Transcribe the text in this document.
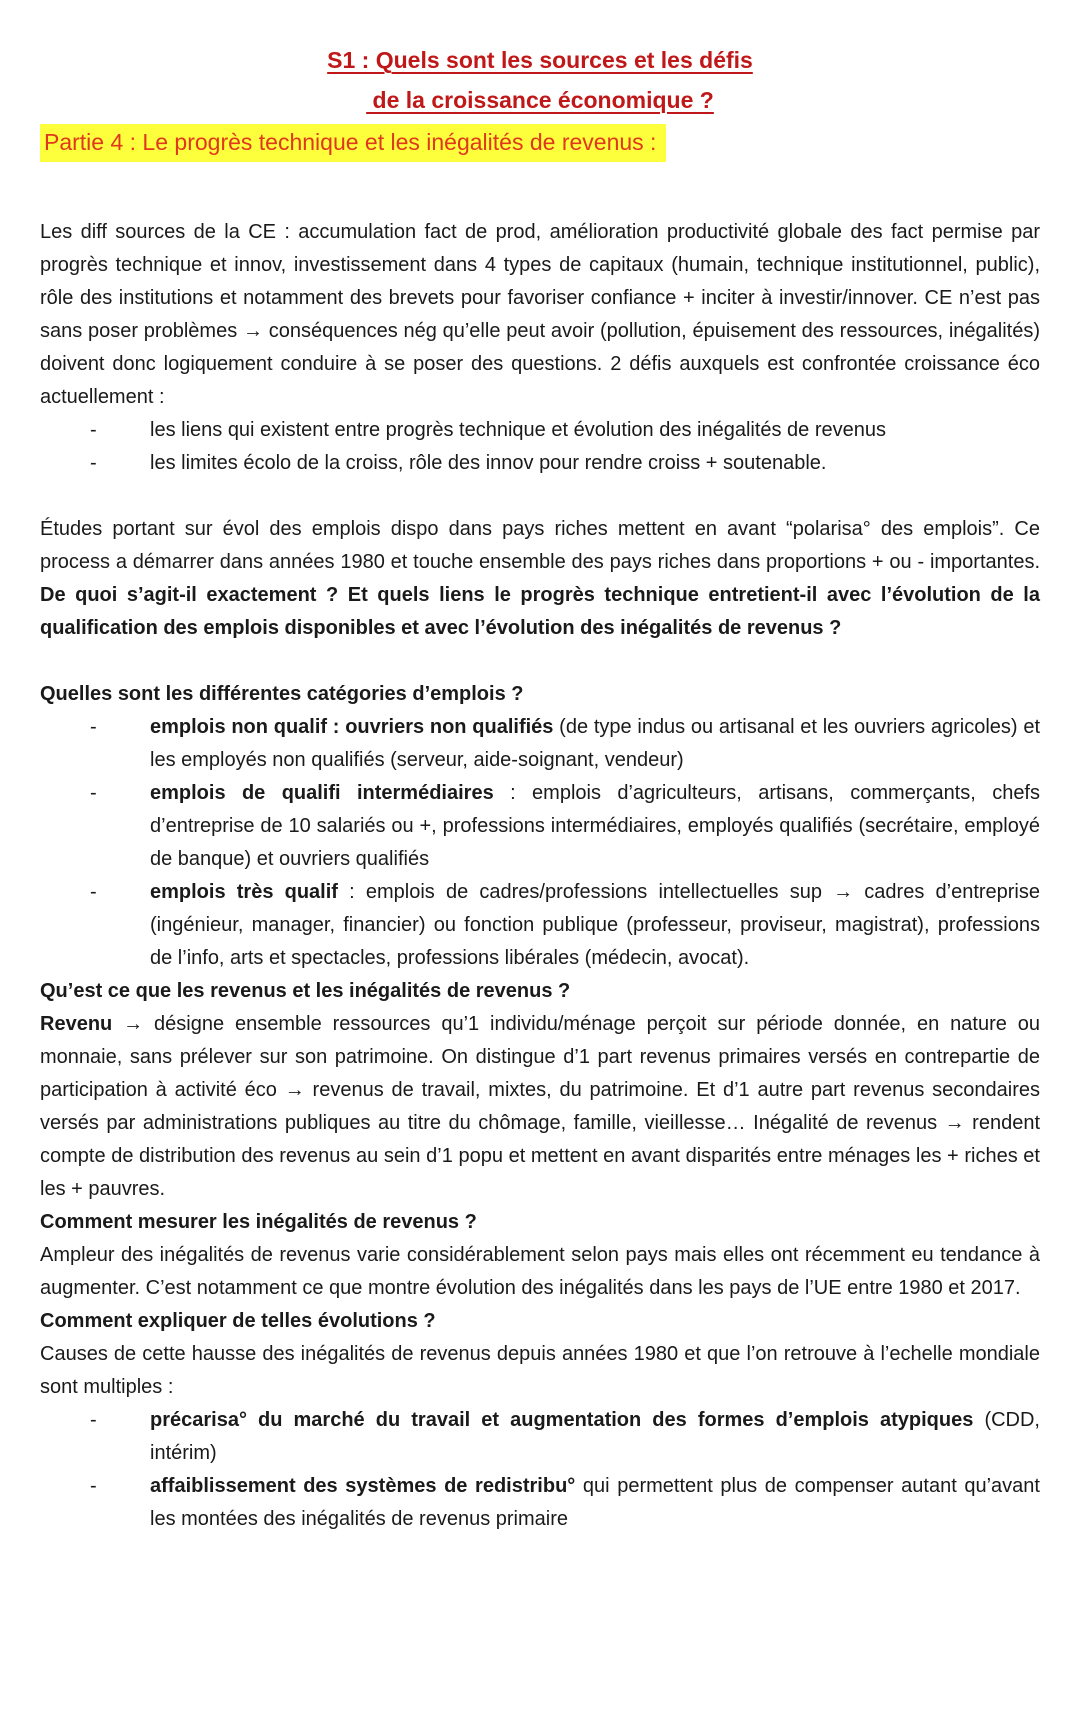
S1 : Quels sont les sources et les défis
de la croissance économique ?

Partie 4 : Le progrès technique et les inégalités de revenus :

Les diff sources de la CE : accumulation fact de prod, amélioration productivité globale des fact permise par progrès technique et innov, investissement dans 4 types de capitaux (humain, technique institutionnel, public), rôle des institutions et notamment des brevets pour favoriser confiance + inciter à investir/innover. CE n’est pas sans poser problèmes → conséquences nég qu’elle peut avoir (pollution, épuisement des ressources, inégalités) doivent donc logiquement conduire à se poser des questions. 2 défis auxquels est confrontée croissance éco actuellement :

-	les liens qui existent entre progrès technique et évolution des inégalités de revenus
-	les limites écolo de la croiss, rôle des innov pour rendre croiss + soutenable.

Études portant sur évol des emplois dispo dans pays riches mettent en avant “polarisa° des emplois”. Ce process a démarrer dans années 1980 et touche ensemble des pays riches dans proportions + ou - importantes. De quoi s’agit-il exactement ? Et quels liens le progrès technique entretient-il avec l’évolution de la qualification des emplois disponibles et avec l’évolution des inégalités de revenus ?

Quelles sont les différentes catégories d’emplois ?

-	emplois non qualif : ouvriers non qualifiés (de type indus ou artisanal et les ouvriers agricoles) et les employés non qualifiés (serveur, aide-soignant, vendeur)
-	emplois de qualifi intermédiaires : emplois d’agriculteurs, artisans, commerçants, chefs d’entreprise de 10 salariés ou +, professions intermédiaires, employés qualifiés (secrétaire, employé de banque) et ouvriers qualifiés
-	emplois très qualif : emplois de cadres/professions intellectuelles sup → cadres d’entreprise (ingénieur, manager, financier) ou fonction publique (professeur, proviseur, magistrat), professions de l’info, arts et spectacles, professions libérales (médecin, avocat).

Qu’est ce que les revenus et les inégalités de revenus ?

Revenu → désigne ensemble ressources qu’1 individu/ménage perçoit sur période donnée, en nature ou monnaie, sans prélever sur son patrimoine. On distingue d’1 part revenus primaires versés en contrepartie de participation à activité éco → revenus de travail, mixtes, du patrimoine. Et d’1 autre part revenus secondaires versés par administrations publiques au titre du chômage, famille, vieillesse… Inégalité de revenus → rendent compte de distribution des revenus au sein d’1 popu et mettent en avant disparités entre ménages les + riches et les + pauvres.

Comment mesurer les inégalités de revenus ?

Ampleur des inégalités de revenus varie considérablement selon pays mais elles ont récemment eu tendance à augmenter. C’est notamment ce que montre évolution des inégalités dans les pays de l’UE entre 1980 et 2017.

Comment expliquer de telles évolutions ?

Causes de cette hausse des inégalités de revenus depuis années 1980 et que l’on retrouve à l’echelle mondiale sont multiples :

-	précarisa° du marché du travail et augmentation des formes d’emplois atypiques (CDD, intérim)
-	affaiblissement des systèmes de redistribu° qui permettent plus de compenser autant qu’avant les montées des inégalités de revenus primaire
